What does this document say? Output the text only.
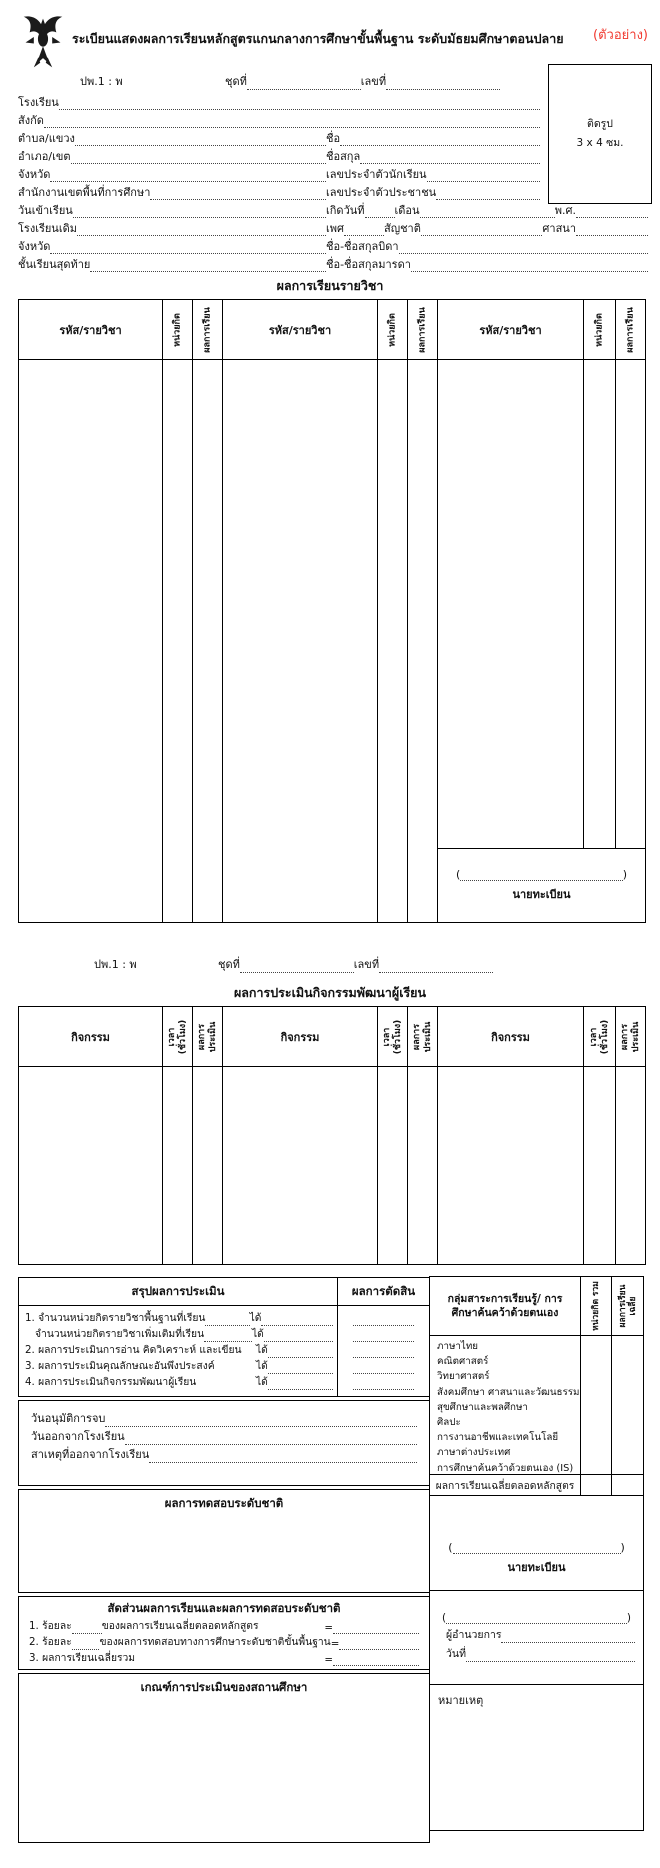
ระเบียนแสดงผลการเรียนหลักสูตรแกนกลางการศึกษาขั้นพื้นฐาน ระดับมัธยมศึกษาตอนปลาย (ตัวอย่าง)
ปพ.1 : พ	ชุดที่	เลขที่
ติดรูป
3 x 4 ซม.
โรงเรียน
สังกัด
ตำบล/แขวง	ชื่อ
อำเภอ/เขต	ชื่อสกุล
จังหวัด	เลขประจำตัวนักเรียน
สำนักงานเขตพื้นที่การศึกษา	เลขประจำตัวประชาชน
วันเข้าเรียน	เกิดวันที่	เดือน	พ.ศ.
โรงเรียนเดิม	เพศ	สัญชาติ	ศาสนา
จังหวัด	ชื่อ-ชื่อสกุลบิดา
ชั้นเรียนสุดท้าย	ชื่อ-ชื่อสกุลมารดา
ผลการเรียนรายวิชา
รหัส/รายวิชา	หน่วยกิต	ผลการเรียน	รหัส/รายวิชา	หน่วยกิต	ผลการเรียน	รหัส/รายวิชา	หน่วยกิต	ผลการเรียน

						( )
นายทะเบียน		
ปพ.1 : พ	ชุดที่	เลขที่
ผลการประเมินกิจกรรมพัฒนาผู้เรียน
กิจกรรม	เวลา (ชั่วโมง)	ผลการ ประเมิน	กิจกรรม	เวลา (ชั่วโมง)	ผลการ ประเมิน	กิจกรรม	เวลา (ชั่วโมง)	ผลการ ประเมิน

สรุปผลการประเมิน	ผลการตัดสิน
1. จำนวนหน่วยกิตรายวิชาพื้นฐานที่เรียน	ได้
จำนวนหน่วยกิตรายวิชาเพิ่มเติมที่เรียน	ได้
2. ผลการประเมินการอ่าน คิดวิเคราะห์ และเขียน ได้
3. ผลการประเมินคุณลักษณะอันพึงประสงค์	ได้
4. ผลการประเมินกิจกรรมพัฒนาผู้เรียน	ได้
วันอนุมัติการจบ
วันออกจากโรงเรียน
สาเหตุที่ออกจากโรงเรียน
ผลการทดสอบระดับชาติ
สัดส่วนผลการเรียนและผลการทดสอบระดับชาติ
1. ร้อยละ	ของผลการเรียนเฉลี่ยตลอดหลักสูตร	=
2. ร้อยละ	ของผลการทดสอบทางการศึกษาระดับชาติขั้นพื้นฐาน =
3. ผลการเรียนเฉลี่ยรวม	=
เกณฑ์การประเมินของสถานศึกษา
กลุ่มสาระการเรียนรู้/ การศึกษาค้นคว้าด้วยตนเอง	หน่วยกิต รวม ผลการเรียน เฉลี่ย
ภาษาไทย
คณิตศาสตร์
วิทยาศาสตร์
สังคมศึกษา ศาสนาและวัฒนธรรม
สุขศึกษาและพลศึกษา
ศิลปะ
การงานอาชีพและเทคโนโลยี
ภาษาต่างประเทศ
การศึกษาค้นคว้าด้วยตนเอง (IS)
ผลการเรียนเฉลี่ยตลอดหลักสูตร
(	)
นายทะเบียน
(	)
ผู้อำนวยการ
วันที่
หมายเหตุ
